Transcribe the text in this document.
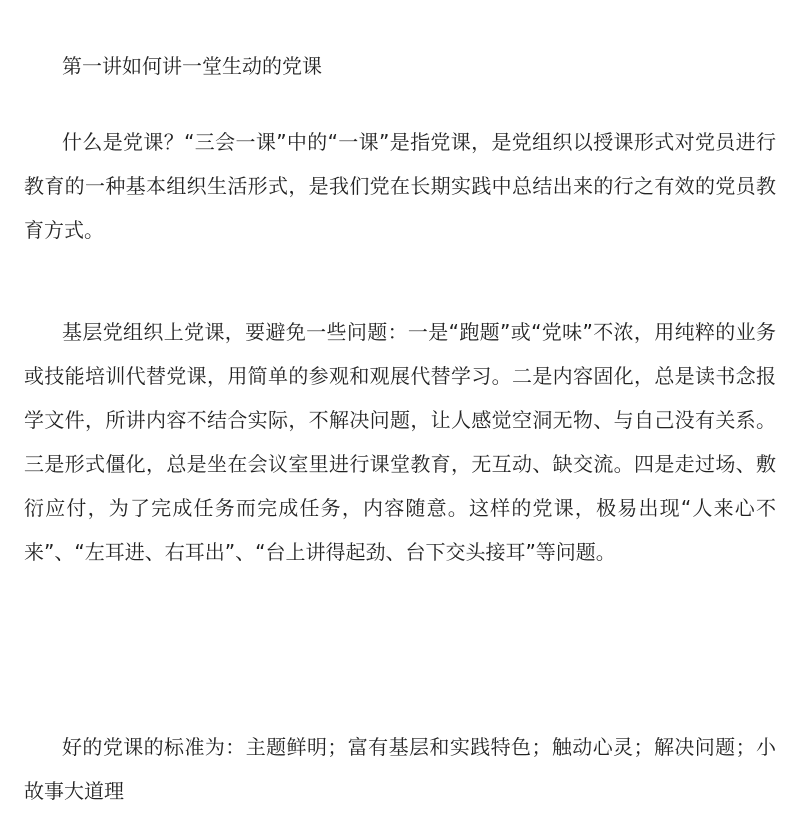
第一讲如何讲一堂生动的党课

什么是党课？“三会一课”中的“一课”是指党课，是党组织以授课形式对党员进行教育的一种基本组织生活形式，是我们党在长期实践中总结出来的行之有效的党员教育方式。

基层党组织上党课，要避免一些问题：一是“跑题”或“党味”不浓，用纯粹的业务或技能培训代替党课，用简单的参观和观展代替学习。二是内容固化，总是读书念报学文件，所讲内容不结合实际，不解决问题，让人感觉空洞无物、与自己没有关系。三是形式僵化，总是坐在会议室里进行课堂教育，无互动、缺交流。四是走过场、敷衍应付，为了完成任务而完成任务，内容随意。这样的党课，极易出现“人来心不来”、“左耳进、右耳出”、“台上讲得起劲、台下交头接耳”等问题。

好的党课的标准为：主题鲜明；富有基层和实践特色；触动心灵；解决问题；小故事大道理
